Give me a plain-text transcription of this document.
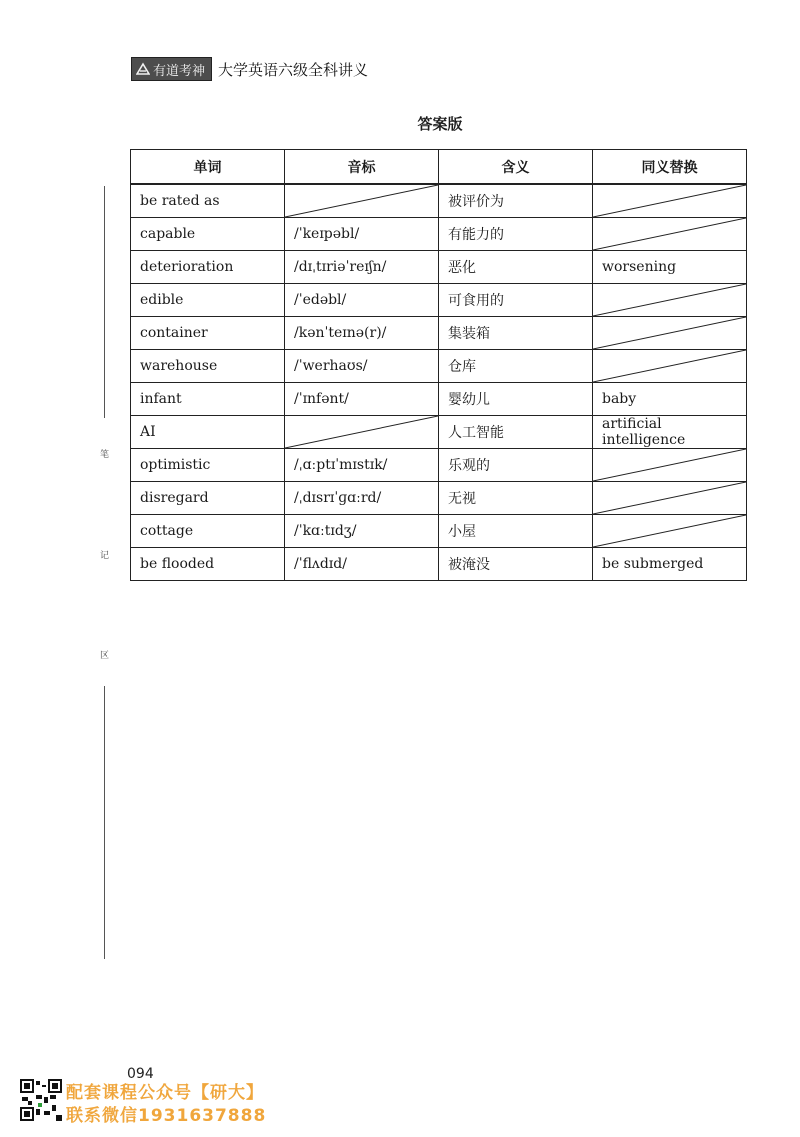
有道考神 大学英语六级全科讲义
答案版
笔
记
区
单词	音标	含义	同义替换
be rated as		被评价为	

capable	/ˈkeɪpəbl/	有能力的	

deterioration	/dɪˌtɪriəˈreɪʃn/	恶化	worsening
edible	/ˈedəbl/	可食用的	

container	/kənˈteɪnə(r)/	集装箱	

warehouse	/ˈwerhaʊs/	仓库	

infant	/ˈɪnfənt/	婴幼儿	baby
AI		人工智能	artificial intelligence
optimistic	/ˌɑːptɪˈmɪstɪk/	乐观的	

disregard	/ˌdɪsrɪˈɡɑːrd/	无视	

cottage	/ˈkɑːtɪdʒ/	小屋	

be flooded	/ˈflʌdɪd/	被淹没	be submerged
094
配套课程公众号【研大】
联系微信1931637888
